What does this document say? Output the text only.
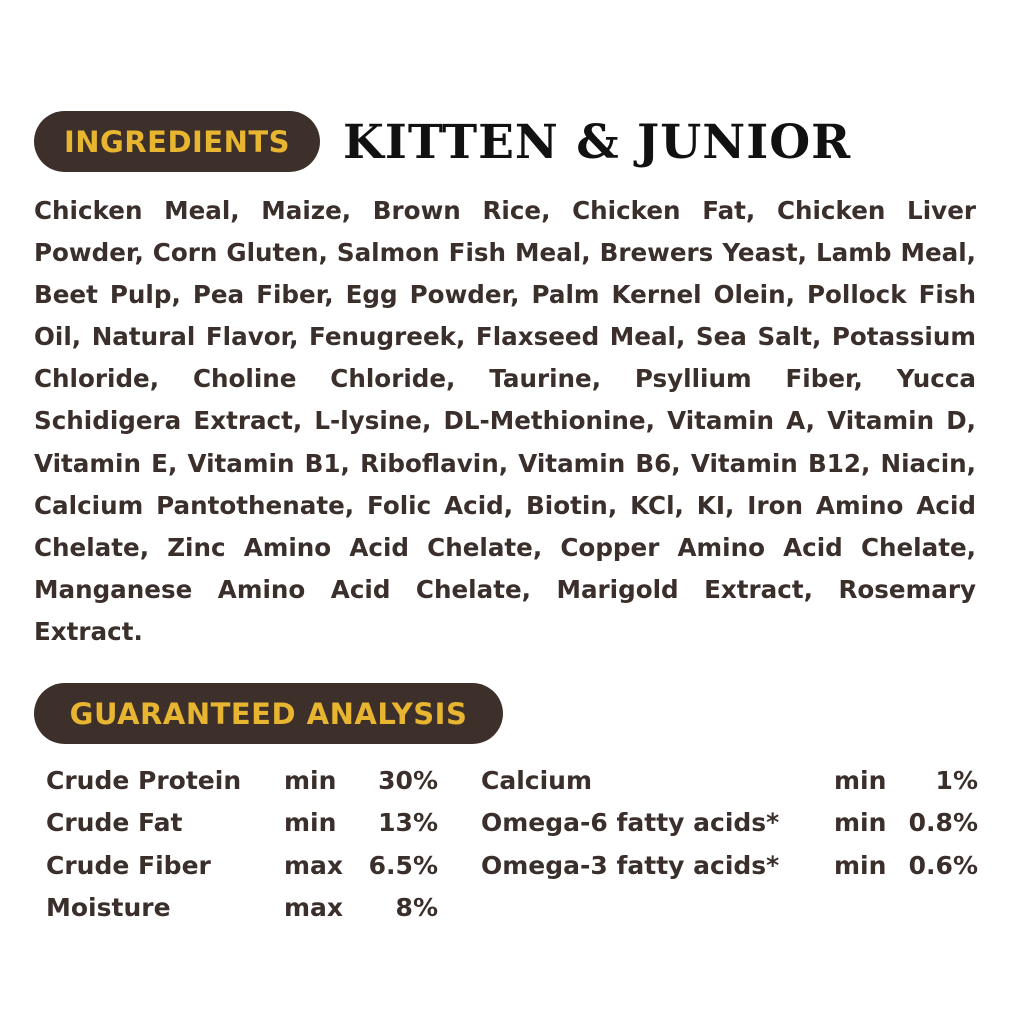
INGREDIENTS KITTEN & JUNIOR

Chicken Meal, Maize, Brown Rice, Chicken Fat, Chicken Liver Powder, Corn Gluten, Salmon Fish Meal, Brewers Yeast, Lamb Meal, Beet Pulp, Pea Fiber, Egg Powder, Palm Kernel Olein, Pollock Fish Oil, Natural Flavor, Fenugreek, Flaxseed Meal, Sea Salt, Potassium Chloride, Choline Chloride, Taurine, Psyllium Fiber, Yucca Schidigera Extract, L-lysine, DL-Methionine, Vitamin A, Vitamin D, Vitamin E, Vitamin B1, Riboflavin, Vitamin B6, Vitamin B12, Niacin, Calcium Pantothenate, Folic Acid, Biotin, KCl, KI, Iron Amino Acid Chelate, Zinc Amino Acid Chelate, Copper Amino Acid Chelate, Manganese Amino Acid Chelate, Marigold Extract, Rosemary Extract.

GUARANTEED ANALYSIS
Crude Protein min 30%
Crude Fat	min 13%
Crude Fiber	max 6.5%
Moisture	max 8%
Calcium	min 1%
Omega-6 fatty acids* min 0.8%
Omega-3 fatty acids* min 0.6%
